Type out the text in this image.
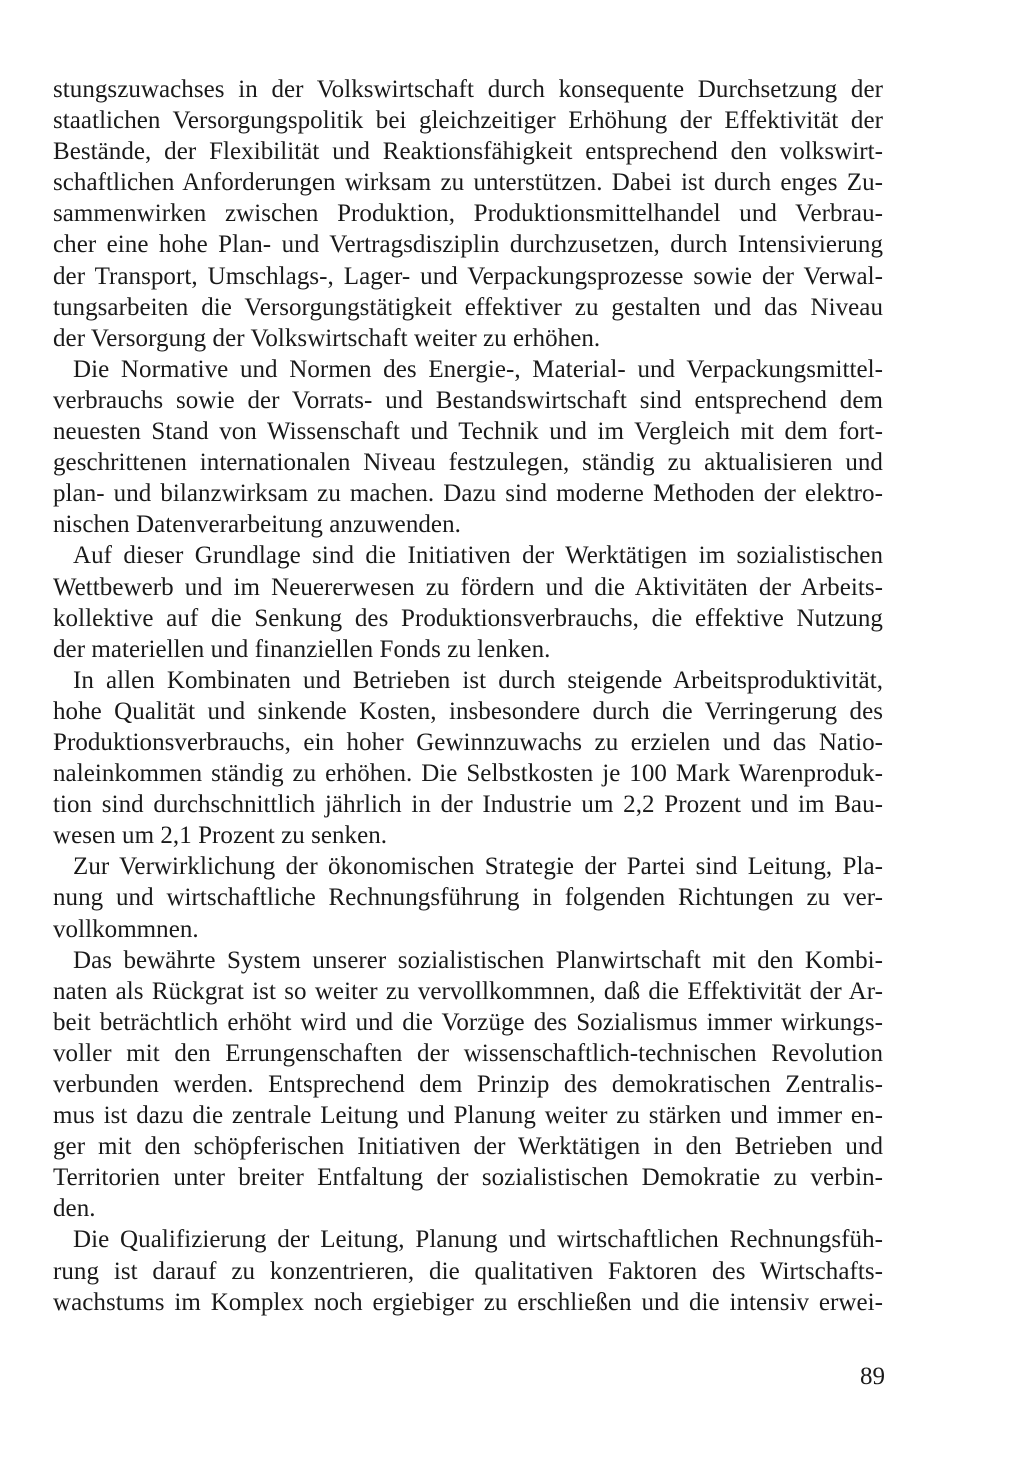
stungszuwachses in der Volkswirtschaft durch konsequente Durchsetzung der
staatlichen Versorgungspolitik bei gleichzeitiger Erhöhung der Effektivität der
Bestände, der Flexibilität und Reaktionsfähigkeit entsprechend den volkswirt-
schaftlichen Anforderungen wirksam zu unterstützen. Dabei ist durch enges Zu-
sammenwirken zwischen Produktion, Produktionsmittelhandel und Verbrau-
cher eine hohe Plan- und Vertragsdisziplin durchzusetzen, durch Intensivierung
der Transport, Umschlags-, Lager- und Verpackungsprozesse sowie der Verwal-
tungsarbeiten die Versorgungstätigkeit effektiver zu gestalten und das Niveau
der Versorgung der Volkswirtschaft weiter zu erhöhen.
Die Normative und Normen des Energie-, Material- und Verpackungsmittel-
verbrauchs sowie der Vorrats- und Bestandswirtschaft sind entsprechend dem
neuesten Stand von Wissenschaft und Technik und im Vergleich mit dem fort-
geschrittenen internationalen Niveau festzulegen, ständig zu aktualisieren und
plan- und bilanzwirksam zu machen. Dazu sind moderne Methoden der elektro-
nischen Datenverarbeitung anzuwenden.
Auf dieser Grundlage sind die Initiativen der Werktätigen im sozialistischen
Wettbewerb und im Neuererwesen zu fördern und die Aktivitäten der Arbeits-
kollektive auf die Senkung des Produktionsverbrauchs, die effektive Nutzung
der materiellen und finanziellen Fonds zu lenken.
In allen Kombinaten und Betrieben ist durch steigende Arbeitsproduktivität,
hohe Qualität und sinkende Kosten, insbesondere durch die Verringerung des
Produktionsverbrauchs, ein hoher Gewinnzuwachs zu erzielen und das Natio-
naleinkommen ständig zu erhöhen. Die Selbstkosten je 100 Mark Warenproduk-
tion sind durchschnittlich jährlich in der Industrie um 2,2 Prozent und im Bau-
wesen um 2,1 Prozent zu senken.
Zur Verwirklichung der ökonomischen Strategie der Partei sind Leitung, Pla-
nung und wirtschaftliche Rechnungsführung in folgenden Richtungen zu ver-
vollkommnen.
Das bewährte System unserer sozialistischen Planwirtschaft mit den Kombi-
naten als Rückgrat ist so weiter zu vervollkommnen, daß die Effektivität der Ar-
beit beträchtlich erhöht wird und die Vorzüge des Sozialismus immer wirkungs-
voller mit den Errungenschaften der wissenschaftlich-technischen Revolution
verbunden werden. Entsprechend dem Prinzip des demokratischen Zentralis-
mus ist dazu die zentrale Leitung und Planung weiter zu stärken und immer en-
ger mit den schöpferischen Initiativen der Werktätigen in den Betrieben und
Territorien unter breiter Entfaltung der sozialistischen Demokratie zu verbin-
den.
Die Qualifizierung der Leitung, Planung und wirtschaftlichen Rechnungsfüh-
rung ist darauf zu konzentrieren, die qualitativen Faktoren des Wirtschafts-
wachstums im Komplex noch ergiebiger zu erschließen und die intensiv erwei-
89
